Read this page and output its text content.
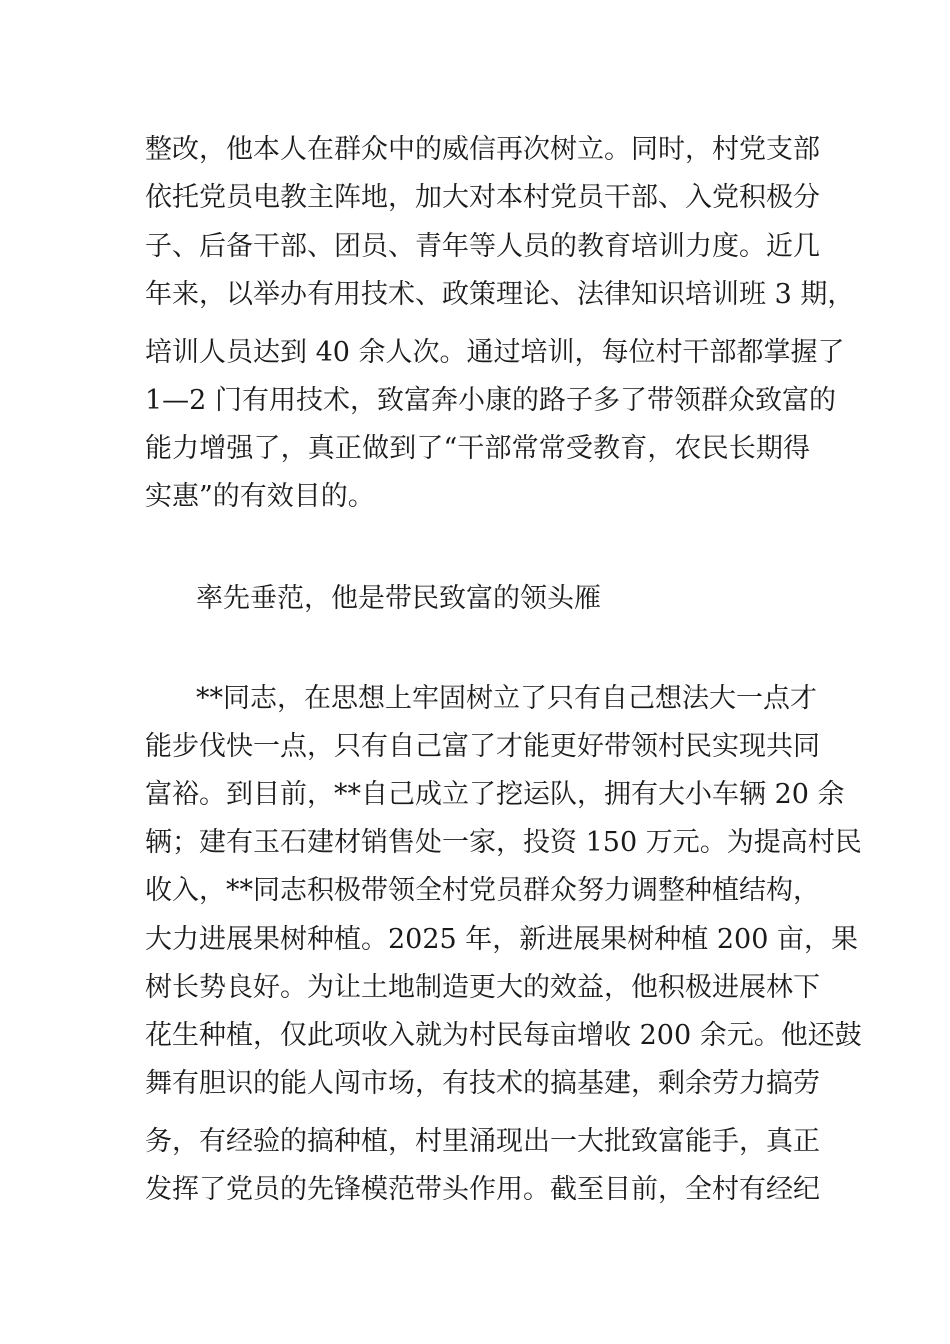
整改，他本人在群众中的威信再次树立。同时，村党支部
依托党员电教主阵地，加大对本村党员干部、入党积极分
子、后备干部、团员、青年等人员的教育培训力度。近几
年来，以举办有用技术、政策理论、法律知识培训班 3 期，
培训人员达到 40 余人次。通过培训，每位村干部都掌握了
1—2 门有用技术，致富奔小康的路子多了带领群众致富的
能力增强了，真正做到了“干部常常受教育，农民长期得
实惠”的有效目的。
率先垂范，他是带民致富的领头雁
**同志，在思想上牢固树立了只有自己想法大一点才
能步伐快一点，只有自己富了才能更好带领村民实现共同
富裕。到目前，**自己成立了挖运队，拥有大小车辆 20 余
辆；建有玉石建材销售处一家，投资 150 万元。为提高村民
收入，**同志积极带领全村党员群众努力调整种植结构，
大力进展果树种植。2025 年，新进展果树种植 200 亩，果
树长势良好。为让土地制造更大的效益，他积极进展林下
花生种植，仅此项收入就为村民每亩增收 200 余元。他还鼓
舞有胆识的能人闯市场，有技术的搞基建，剩余劳力搞劳
务，有经验的搞种植，村里涌现出一大批致富能手，真正
发挥了党员的先锋模范带头作用。截至目前，全村有经纪
